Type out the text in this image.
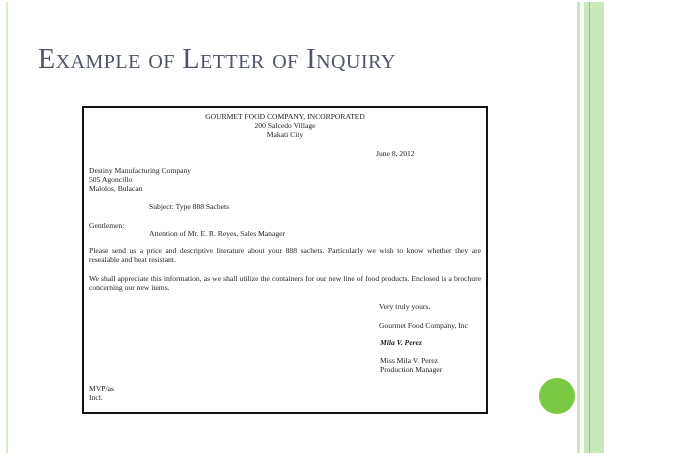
Example of Letter of Inquiry
GOURMET FOOD COMPANY, INCORPORATED
200 Salcedo Village
Makati City
June 8, 2012
Destiny Manufacturing Company
505 Agoncillo
Malolos, Bulacan
Subject: Type 888 Sachets
Gentlemen:
Attention of Mr. E. R. Reyes, Sales Manager
Please send us a price and descriptive literature about your 888 sachets. Particularly we wish to know whether they are resealable and heat resistant.
We shall appreciate this information, as we shall utilize the containers for our new line of food products. Enclosed is a brochure concerning our new items.
Very truly yours,
Gourmet Food Company, Inc
Mila V. Perez
Miss Mila V. Perez
Production Manager
MVP/as
Incl.
